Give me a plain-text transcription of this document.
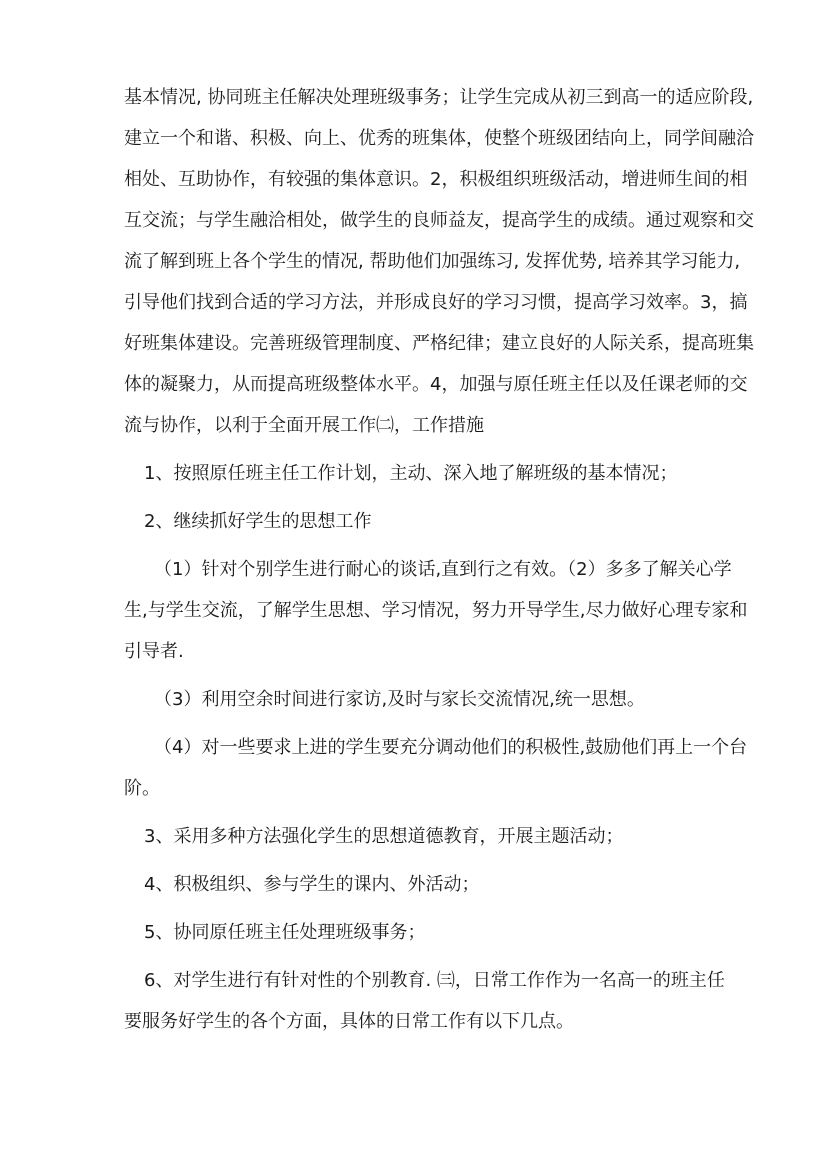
基本情况, 协同班主任解决处理班级事务；让学生完成从初三到高一的适应阶段,
建立一个和谐、积极、向上、优秀的班集体，使整个班级团结向上，同学间融洽
相处、互助协作，有较强的集体意识。2，积极组织班级活动，增进师生间的相
互交流；与学生融洽相处，做学生的良师益友，提高学生的成绩。通过观察和交
流了解到班上各个学生的情况, 帮助他们加强练习, 发挥优势, 培养其学习能力,
引导他们找到合适的学习方法，并形成良好的学习习惯，提高学习效率。3，搞
好班集体建设。完善班级管理制度、严格纪律；建立良好的人际关系，提高班集
体的凝聚力，从而提高班级整体水平。4，加强与原任班主任以及任课老师的交
流与协作，以利于全面开展工作㈡，工作措施
1、按照原任班主任工作计划，主动、深入地了解班级的基本情况；
2、继续抓好学生的思想工作
（1）针对个别学生进行耐心的谈话,直到行之有效。（2）多多了解关心学
生,与学生交流，了解学生思想、学习情况，努力开导学生,尽力做好心理专家和
引导者.
（3）利用空余时间进行家访,及时与家长交流情况,统一思想。
（4）对一些要求上进的学生要充分调动他们的积极性,鼓励他们再上一个台
阶。
3、采用多种方法强化学生的思想道德教育，开展主题活动；
4、积极组织、参与学生的课内、外活动；
5、协同原任班主任处理班级事务；
6、对学生进行有针对性的个别教育. ㈢，日常工作作为一名高一的班主任
要服务好学生的各个方面，具体的日常工作有以下几点。
